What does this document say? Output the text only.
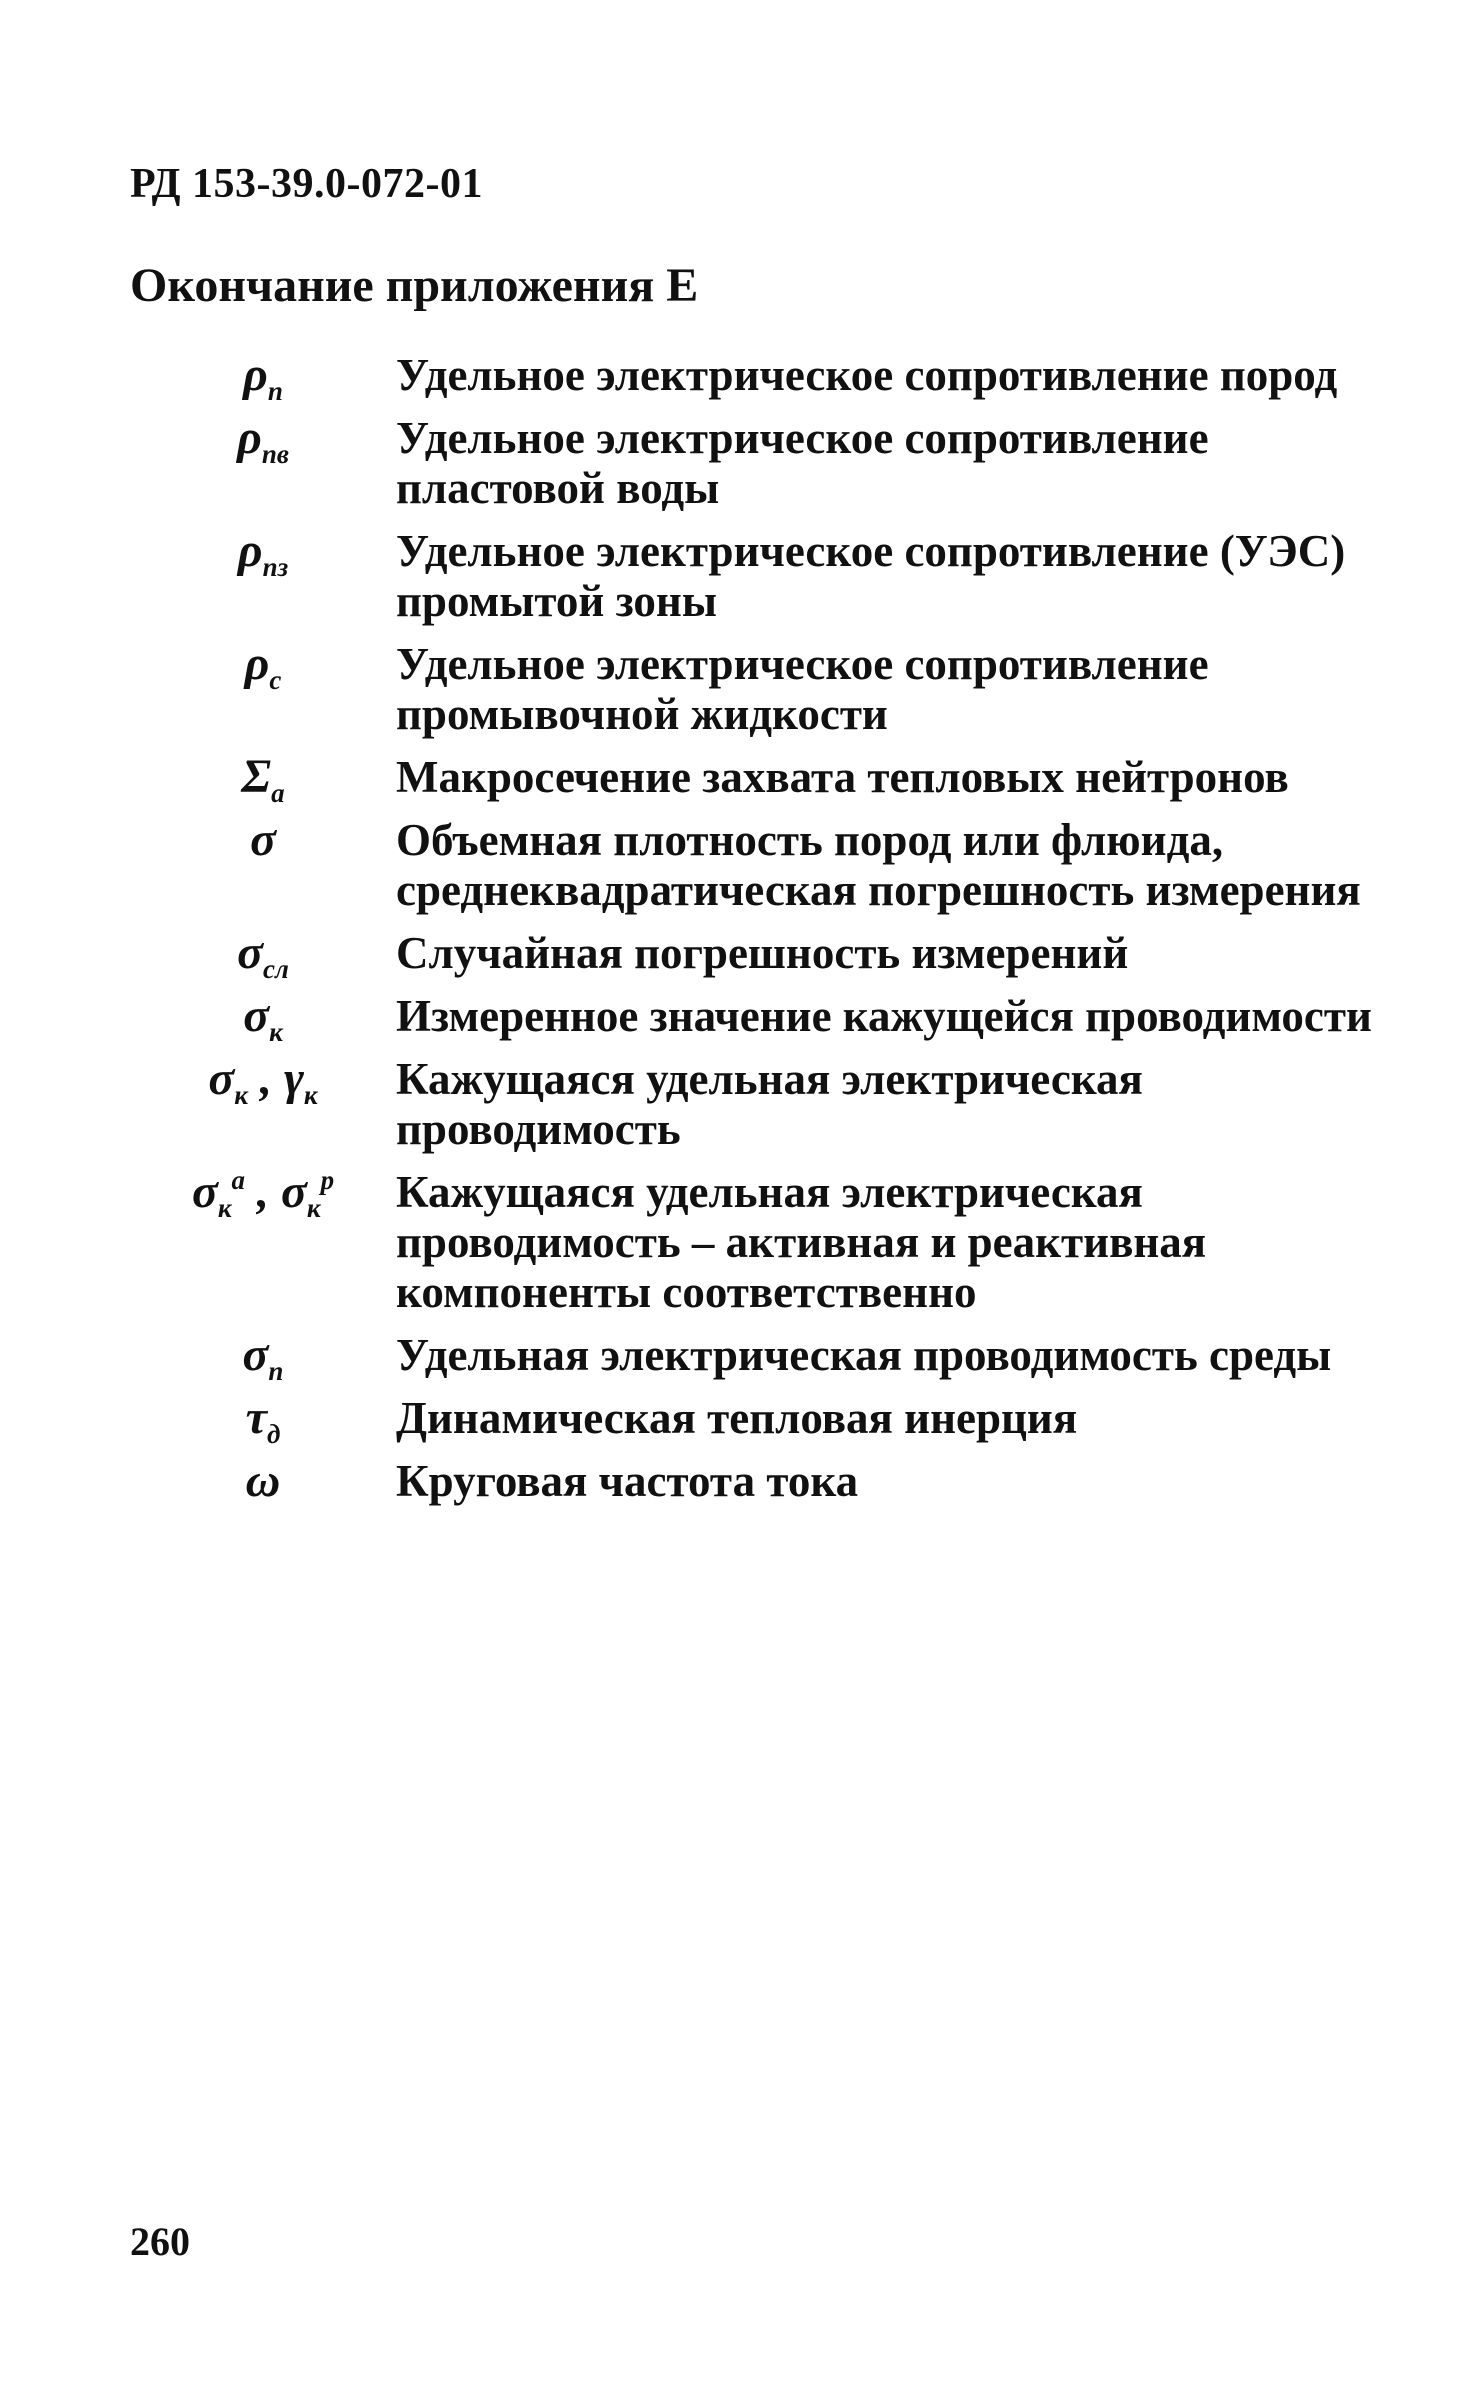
РД 153-39.0-072-01
Окончание приложения Е
$\rho_п$	Удельное электрическое сопротивление пород
$\rho_{пв}$	Удельное электрическое сопротивление
пластовой воды
$\rho_{пз}$	Удельное электрическое сопротивление (УЭС)
промытой зоны
$\rho_с$	Удельное электрическое сопротивление
промывочной жидкости
$\Sigma_а$	Макросечение захвата тепловых нейтронов
σ	Объемная плотность пород или флюида,
среднеквадратическая погрешность измерения
$\sigma_{сл}$	Случайная погрешность измерений
$\sigma_к$	Измеренное значение кажущейся проводимости
$\sigma_к$ , $\gamma_к$	Кажущаяся удельная электрическая проводимость
$\sigma_к^а$ , $\sigma_к^р$	Кажущаяся удельная электрическая
проводимость – активная и реактивная
компоненты соответственно
$\sigma_п$	Удельная электрическая проводимость среды
$\tau_д$	Динамическая тепловая инерция
ω	Круговая частота тока
260
